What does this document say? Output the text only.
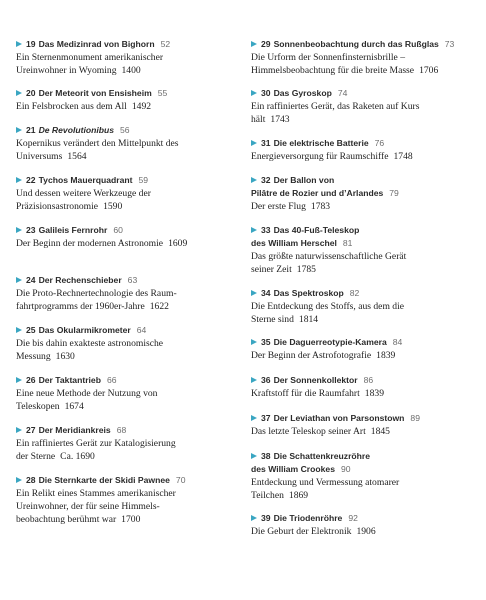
19 Das Medizinrad von Bighorn 52
Ein Sternenmonument amerikanischer
Ureinwohner in Wyoming 1400
20 Der Meteorit von Ensisheim 55
Ein Felsbrocken aus dem All 1492
21 De Revolutionibus 56
Kopernikus verändert den Mittelpunkt des
Universums 1564
22 Tychos Mauerquadrant 59
Und dessen weitere Werkzeuge der
Präzisionsastronomie 1590
23 Galileis Fernrohr 60
Der Beginn der modernen Astronomie 1609
24 Der Rechenschieber 63
Die Proto-Rechnertechnologie des Raum-
fahrtprogramms der 1960er-Jahre 1622
25 Das Okularmikrometer 64
Die bis dahin exakteste astronomische
Messung 1630
26 Der Taktantrieb 66
Eine neue Methode der Nutzung von
Teleskopen 1674
27 Der Meridiankreis 68
Ein raffiniertes Gerät zur Katalogisierung
der Sterne Ca. 1690
28 Die Sternkarte der Skidi Pawnee 70
Ein Relikt eines Stammes amerikanischer
Ureinwohner, der für seine Himmels-
beobachtung berühmt war 1700
29 Sonnenbeobachtung durch das Rußglas 73
Die Urform der Sonnenfinsternisbrille –
Himmelsbeobachtung für die breite Masse 1706
30 Das Gyroskop 74
Ein raffiniertes Gerät, das Raketen auf Kurs
hält 1743
31 Die elektrische Batterie 76
Energieversorgung für Raumschiffe 1748
32 Der Ballon von
Pilâtre de Rozier und d’Arlandes 79
Der erste Flug 1783
33 Das 40-Fuß-Teleskop
des William Herschel 81
Das größte naturwissenschaftliche Gerät
seiner Zeit 1785
34 Das Spektroskop 82
Die Entdeckung des Stoffs, aus dem die
Sterne sind 1814
35 Die Daguerreotypie-Kamera 84
Der Beginn der Astrofotografie 1839
36 Der Sonnenkollektor 86
Kraftstoff für die Raumfahrt 1839
37 Der Leviathan von Parsonstown 89
Das letzte Teleskop seiner Art 1845
38 Die Schattenkreuzröhre
des William Crookes 90
Entdeckung und Vermessung atomarer
Teilchen 1869
39 Die Triodenröhre 92
Die Geburt der Elektronik 1906
